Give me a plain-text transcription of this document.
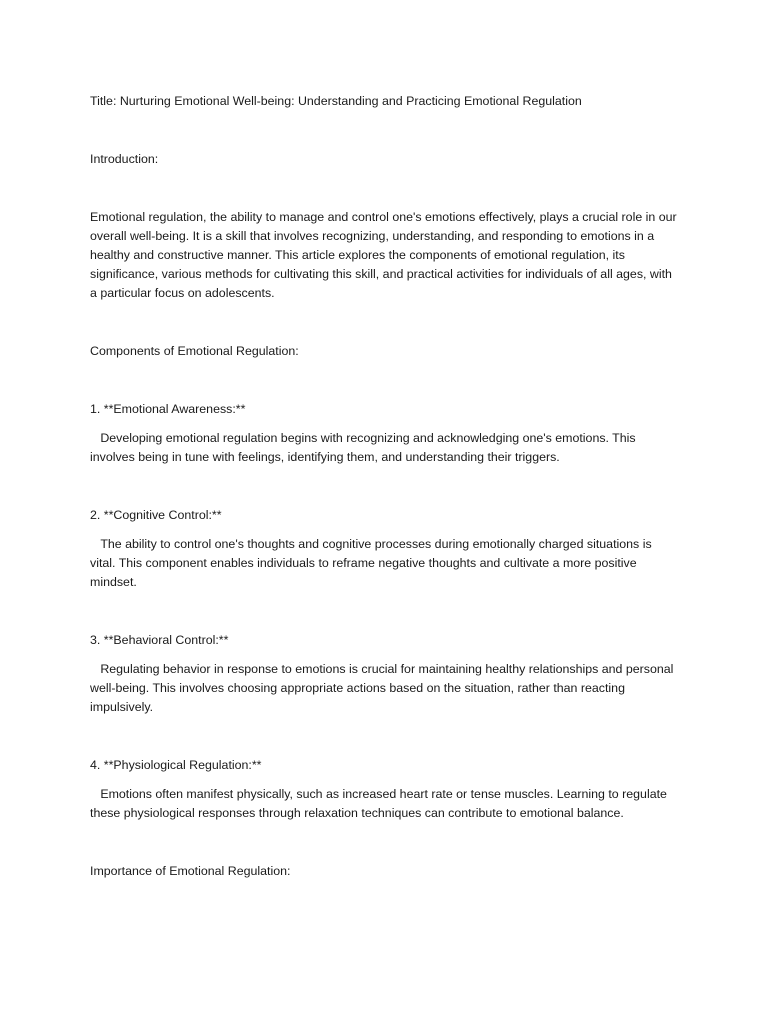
Title: Nurturing Emotional Well-being: Understanding and Practicing Emotional Regulation

Introduction:

Emotional regulation, the ability to manage and control one's emotions effectively, plays a crucial role in our overall well-being. It is a skill that involves recognizing, understanding, and responding to emotions in a healthy and constructive manner. This article explores the components of emotional regulation, its significance, various methods for cultivating this skill, and practical activities for individuals of all ages, with a particular focus on adolescents.

Components of Emotional Regulation:

1. **Emotional Awareness:**

Developing emotional regulation begins with recognizing and acknowledging one's emotions. This involves being in tune with feelings, identifying them, and understanding their triggers.

2. **Cognitive Control:**

The ability to control one's thoughts and cognitive processes during emotionally charged situations is vital. This component enables individuals to reframe negative thoughts and cultivate a more positive mindset.

3. **Behavioral Control:**

Regulating behavior in response to emotions is crucial for maintaining healthy relationships and personal well-being. This involves choosing appropriate actions based on the situation, rather than reacting impulsively.

4. **Physiological Regulation:**

Emotions often manifest physically, such as increased heart rate or tense muscles. Learning to regulate these physiological responses through relaxation techniques can contribute to emotional balance.

Importance of Emotional Regulation:
